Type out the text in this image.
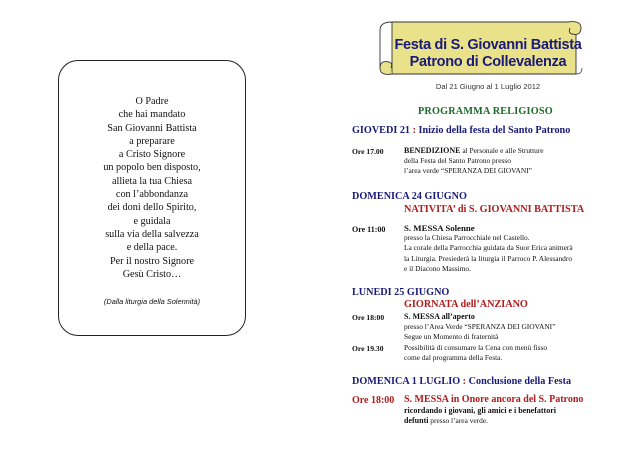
O Padre
che hai mandato
San Giovanni Battista
a preparare
a Cristo Signore
un popolo ben disposto,
allieta la tua Chiesa
con l’abbondanza
dei doni dello Spirito,
e guidala
sulla via della salvezza
e della pace.
Per il nostro Signore
Gesù Cristo…
(Dalla liturgia della Solennità)
Festa di S. Giovanni Battista
Patrono di Collevalenza
Dal 21 Giugno al 1 Luglio 2012
PROGRAMMA RELIGIOSO
GIOVEDI 21 : Inizio della festa del Santo Patrono
Ore 17.00	BENEDIZIONE al Personale e alle Strutture
della Festa del Santo Patrono presso
l’area verde “SPERANZA DEI GIOVANI”
DOMENICA 24 GIUGNO
NATIVITA’ di S. GIOVANNI BATTISTA
Ore 11:00 S. MESSA Solenne
presso la Chiesa Parrocchiale nel Castello.
La corale della Parrocchia guidata da Suor Erica animerà
la Liturgia. Presiederà la liturgia il Parroco P. Alessandro
e il Diacono Massimo.
LUNEDI 25 GIUGNO
GIORNATA dell’ANZIANO
Ore 18:00 S. MESSA all’aperto
presso l’Area Verde “SPERANZA DEI GIOVANI”
Segue un Momento di fraternità
Ore 19.30	Possibilità di consumare la Cena con menù fisso
come dal programma della Festa.
DOMENICA 1 LUGLIO : Conclusione della Festa
Ore 18:00 S. MESSA in Onore ancora del S. Patrono
ricordando i giovani, gli amici e i benefattori
defunti presso l’area verde.
